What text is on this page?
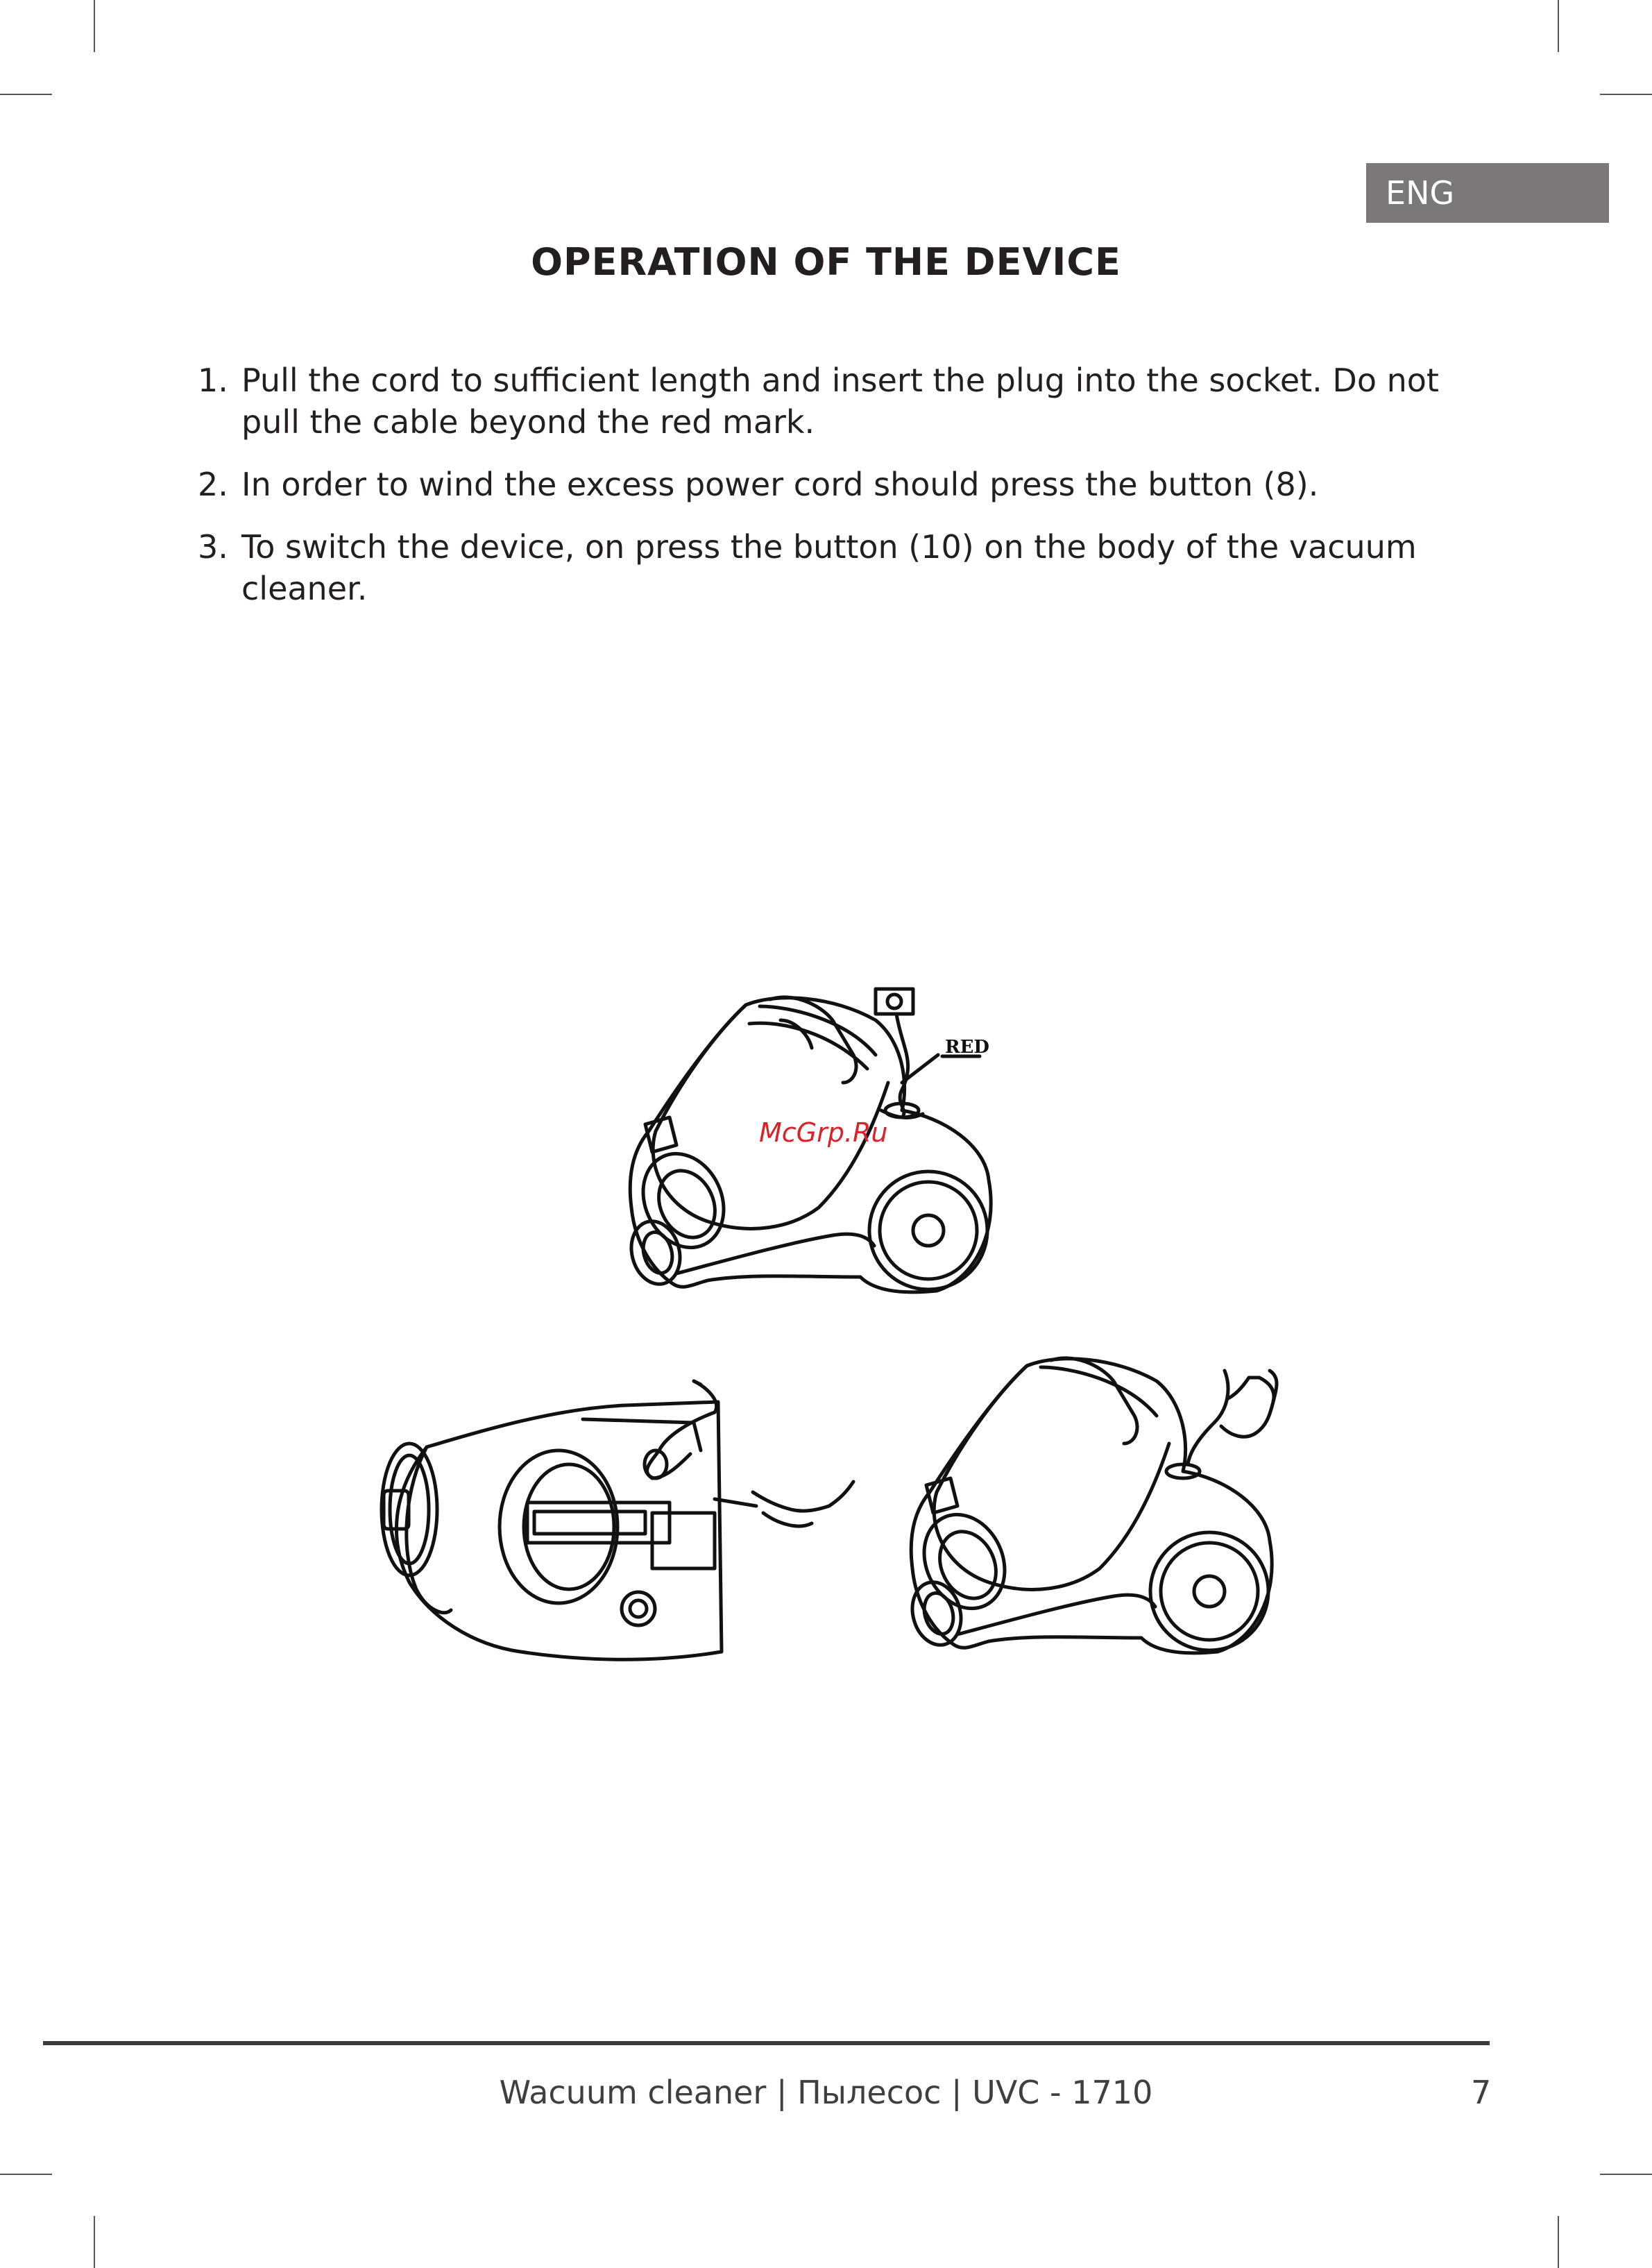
ENG
OPERATION OF THE DEVICE
1. Pull the cord to sufficient length and insert the plug into the socket. Do not pull the cable beyond the red mark.
2. In order to wind the excess power cord should press the button (8).
3. To switch the device, on press the button (10) on the body of the vacuum cleaner.
RED
McGrp.Ru
Wacuum cleaner | Пылесос | UVC - 1710	7
